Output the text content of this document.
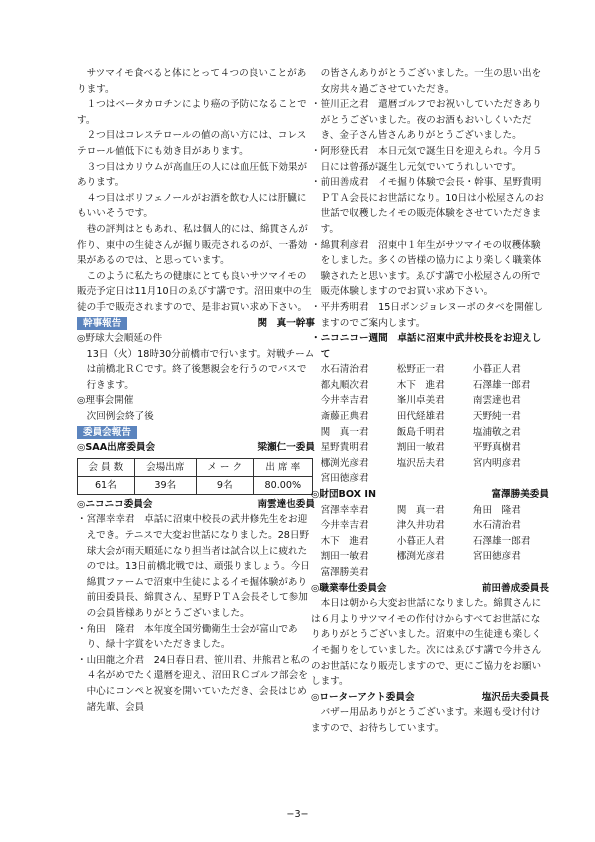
サツマイモ食べると体にとって４つの良いことがあります。

１つはベータカロチンにより癌の予防になることです。

２つ目はコレステロールの値の高い方には、コレステロール値低下にも効き目があります。

３つ目はカリウムが高血圧の人には血圧低下効果があります。

４つ目はポリフェノールがお酒を飲む人には肝臓にもいいそうです。

巷の評判はともあれ、私は個人的には、綿貫さんが作り、東中の生徒さんが掘り販売されるのが、一番効果があるのでは、と思っています。

このように私たちの健康にとても良いサツマイモの販売予定日は11月10日のゑびす講です。沼田東中の生徒の手で販売されますので、是非お買い求め下さい。

幹事報告	関　真一幹事

◎野球大会順延の件

13日（火）18時30分前橋市で行います。対戦チームは前橋北ＲＣです。終了後懇親会を行うのでバスで行きます。

◎理事会開催

次回例会終了後

委員会報告
◎SAA出席委員会	梁瀬仁一委員
会 員 数	会場出席	メ ー ク	出 席 率
61名	39名	9名	80.00%
◎ニコニコ委員会	南雲達也委員

・宮澤幸幸君　卓話に沼東中校長の武井修先生をお迎えでき。テニスで大変お世話になりました。28日野球大会が雨天順延になり担当者は試合以上に疲れたのでは。13日前橋北戦では、頑張りましょう。今日綿貫ファームで沼東中生徒によるイモ掘体験があり前田委員長、綿貫さん、星野ＰＴＡ会長そして参加の会員皆様ありがとうございました。

・角田　隆君　本年度全国労働衛生士会が富山であり、緑十字賞をいただきました。

・山田龍之介君　24日春日君、笹川君、井熊君と私の４名がめでたく還暦を迎え、沼田ＲＣゴルフ部会を中心にコンペと祝宴を開いていただき、会長はじめ諸先輩、会員

の皆さんありがとうございました。一生の思い出を女房共々過ごさせていただき。

・笹川正之君　還暦ゴルフでお祝いしていただきありがとうございました。夜のお酒もおいしくいただき、金子さん皆さんありがとうございました。

・阿形登氏君　本日元気で誕生日を迎えられ。今月５日には曾孫が誕生し元気でいてうれしいです。

・前田善成君　イモ掘り体験で会長・幹事、星野貴明ＰＴＡ会長にお世話になり。10日は小松屋さんのお世話で収穫したイモの販売体験をさせていただきます。

・綿貫利彦君　沼東中１年生がサツマイモの収穫体験をしました。多くの皆様の協力により楽しく職業体験されたと思います。ゑびす講で小松屋さんの所で販売体験しますのでお買い求め下さい。

・平井秀明君　15日ボンジョレヌーボのタベを開催しますのでご案内します。

・ニコニコー週間　卓話に沼東中武井校長をお迎えして

水石清治君	松野正一君	小暮正人君
都丸順次君	木下　進君	石澤雄一郎君
今井幸吉君	峯川卓美君	南雲達也君
斎藤正典君	田代経雄君	天野純一君
関　真一君	飯島千明君	塩浦敬之君
星野貴明君	割田一敏君	平野真樹君
梛渕光彦君	塩沢岳夫君	宮内明彦君
宮田徳彦君
◎財団BOX IN	富澤勝美委員
宮澤幸幸君	関　真一君	角田　隆君
今井幸吉君	津久井功君	水石清治君
木下　進君	小暮正人君	石澤雄一郎君
割田一敏君	梛渕光彦君	宮田徳彦君
富澤勝美君
◎職業奉仕委員会	前田善成委員長

本日は朝から大変お世話になりました。綿貫さんには６月よりサツマイモの作付けからすべてお世話になりありがとうございました。沼東中の生徒達も楽しくイモ掘りをしていました。次にはゑびす講で今井さんのお世話になり販売しますので、更にご協力をお願いします。

◎ローターアクト委員会	塩沢岳夫委員長

バザー用品ありがとうございます。来週も受け付けますので、お待ちしています。

−3−
